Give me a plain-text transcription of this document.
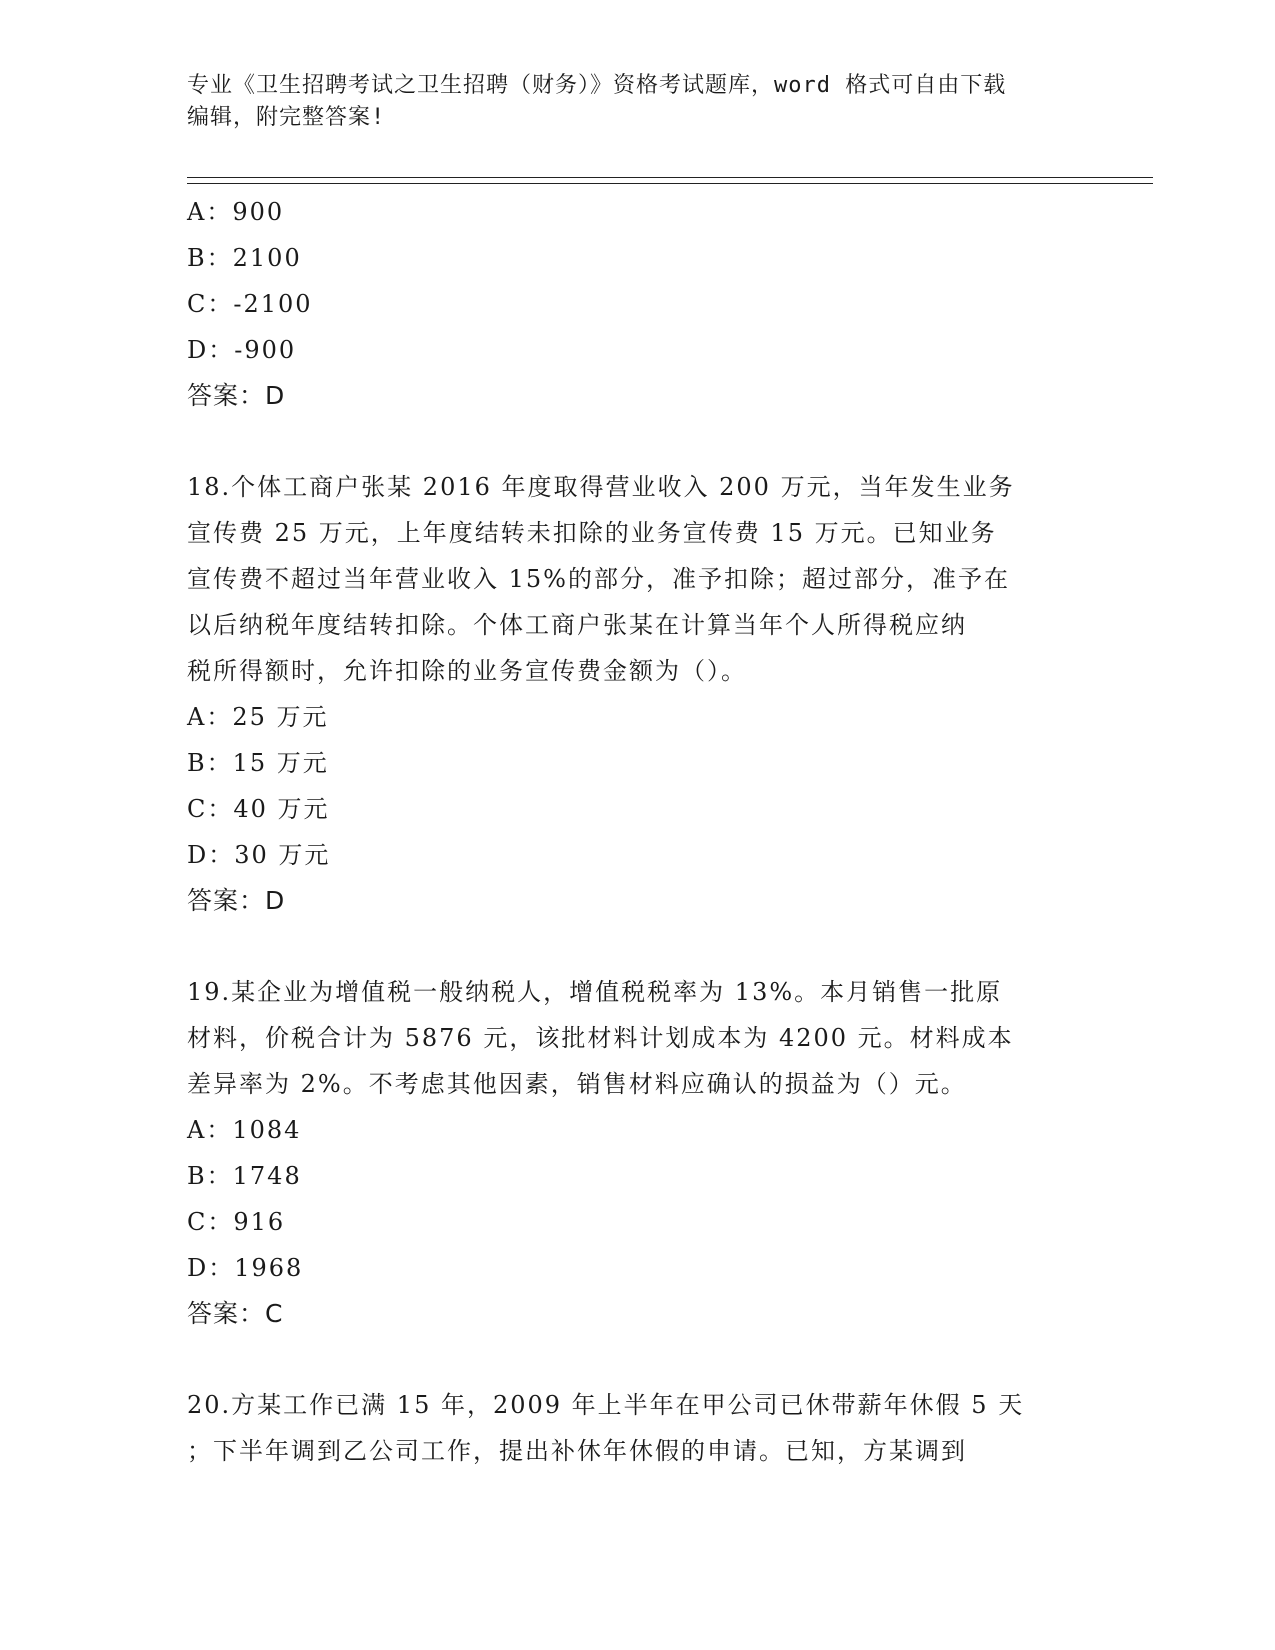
专业《卫生招聘考试之卫生招聘（财务）》资格考试题库，word 格式可自由下载
编辑，附完整答案!
A：900
B：2100
C：-2100
D：-900
答案：D
18.个体工商户张某 2016 年度取得营业收入 200 万元，当年发生业务
宣传费 25 万元，上年度结转未扣除的业务宣传费 15 万元。已知业务
宣传费不超过当年营业收入 15%的部分，准予扣除；超过部分，准予在
以后纳税年度结转扣除。个体工商户张某在计算当年个人所得税应纳
税所得额时，允许扣除的业务宣传费金额为（）。
A：25 万元
B：15 万元
C：40 万元
D：30 万元
答案：D
19.某企业为增值税一般纳税人，增值税税率为 13%。本月销售一批原
材料，价税合计为 5876 元，该批材料计划成本为 4200 元。材料成本
差异率为 2%。不考虑其他因素，销售材料应确认的损益为（）元。
A：1084
B：1748
C：916
D：1968
答案：C
20.方某工作已满 15 年，2009 年上半年在甲公司已休带薪年休假 5 天
；下半年调到乙公司工作，提出补休年休假的申请。已知，方某调到
